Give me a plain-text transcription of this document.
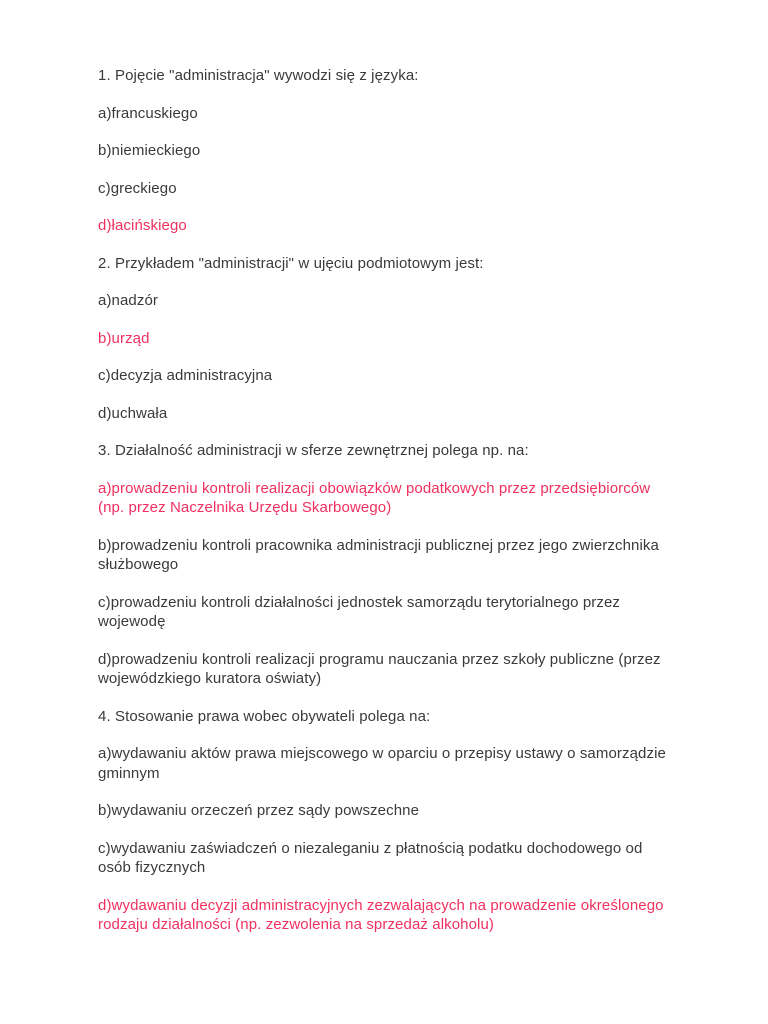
1. Pojęcie "administracja" wywodzi się z języka:

a)francuskiego

b)niemieckiego

c)greckiego

d)łacińskiego

2. Przykładem "administracji" w ujęciu podmiotowym jest:

a)nadzór

b)urząd

c)decyzja administracyjna

d)uchwała

3. Działalność administracji w sferze zewnętrznej polega np. na:

a)prowadzeniu kontroli realizacji obowiązków podatkowych przez przedsiębiorców (np. przez Naczelnika Urzędu Skarbowego)

b)prowadzeniu kontroli pracownika administracji publicznej przez jego zwierzchnika służbowego

c)prowadzeniu kontroli działalności jednostek samorządu terytorialnego przez wojewodę

d)prowadzeniu kontroli realizacji programu nauczania przez szkoły publiczne (przez wojewódzkiego kuratora oświaty)

4. Stosowanie prawa wobec obywateli polega na:

a)wydawaniu aktów prawa miejscowego w oparciu o przepisy ustawy o samorządzie gminnym

b)wydawaniu orzeczeń przez sądy powszechne

c)wydawaniu zaświadczeń o niezaleganiu z płatnością podatku dochodowego od osób fizycznych

d)wydawaniu decyzji administracyjnych zezwalających na prowadzenie określonego rodzaju działalności (np. zezwolenia na sprzedaż alkoholu)
